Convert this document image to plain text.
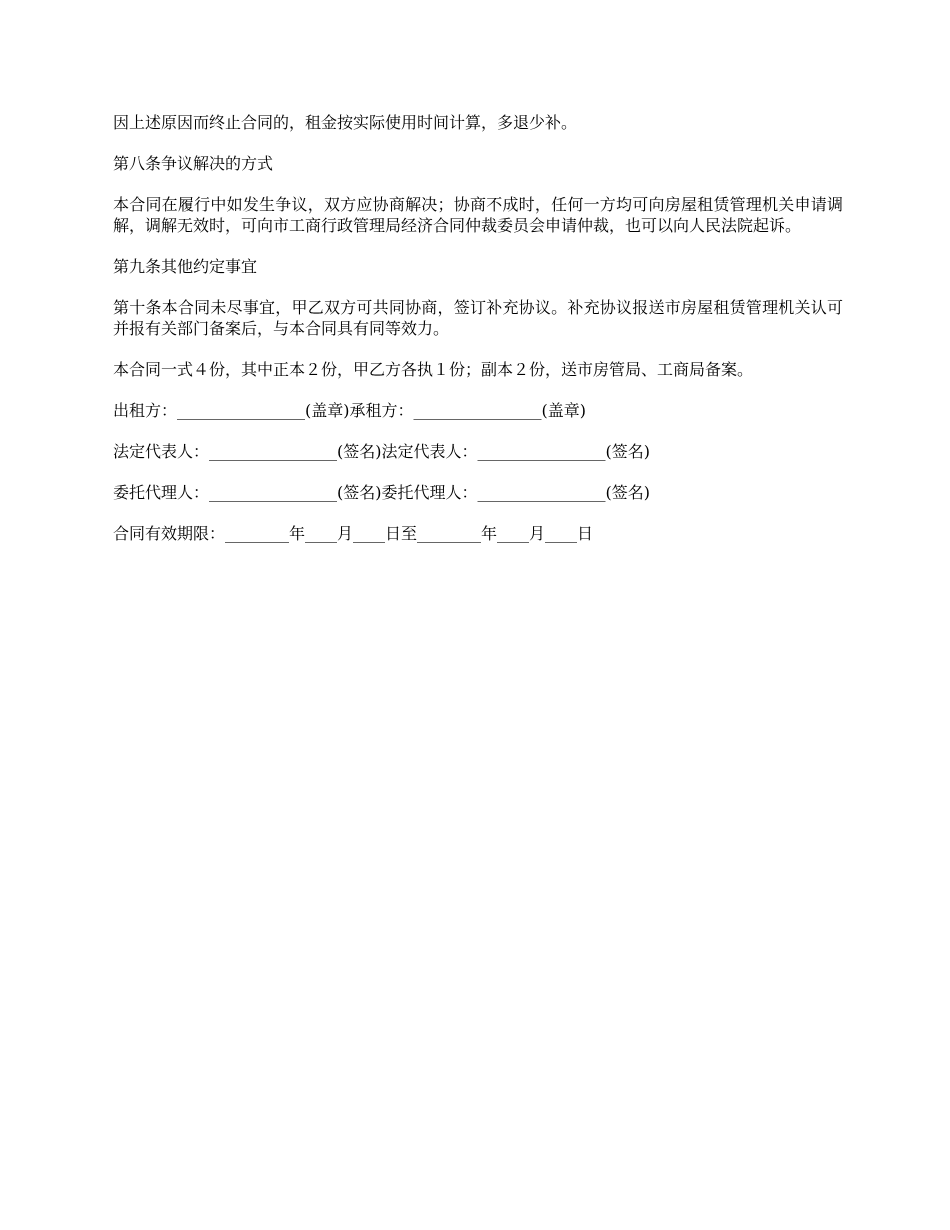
因上述原因而终止合同的，租金按实际使用时间计算，多退少补。

第八条争议解决的方式

本合同在履行中如发生争议，双方应协商解决；协商不成时，任何一方均可向房屋租赁管理机关申请调解，调解无效时，可向市工商行政管理局经济合同仲裁委员会申请仲裁，也可以向人民法院起诉。

第九条其他约定事宜

第十条本合同未尽事宜，甲乙双方可共同协商，签订补充协议。补充协议报送市房屋租赁管理机关认可并报有关部门备案后，与本合同具有同等效力。

本合同一式４份，其中正本２份，甲乙方各执１份；副本２份，送市房管局、工商局备案。

出租方：________________(盖章)承租方：________________(盖章)

法定代表人：________________(签名)法定代表人：________________(签名)

委托代理人：________________(签名)委托代理人：________________(签名)

合同有效期限：________年____月____日至________年____月____日
